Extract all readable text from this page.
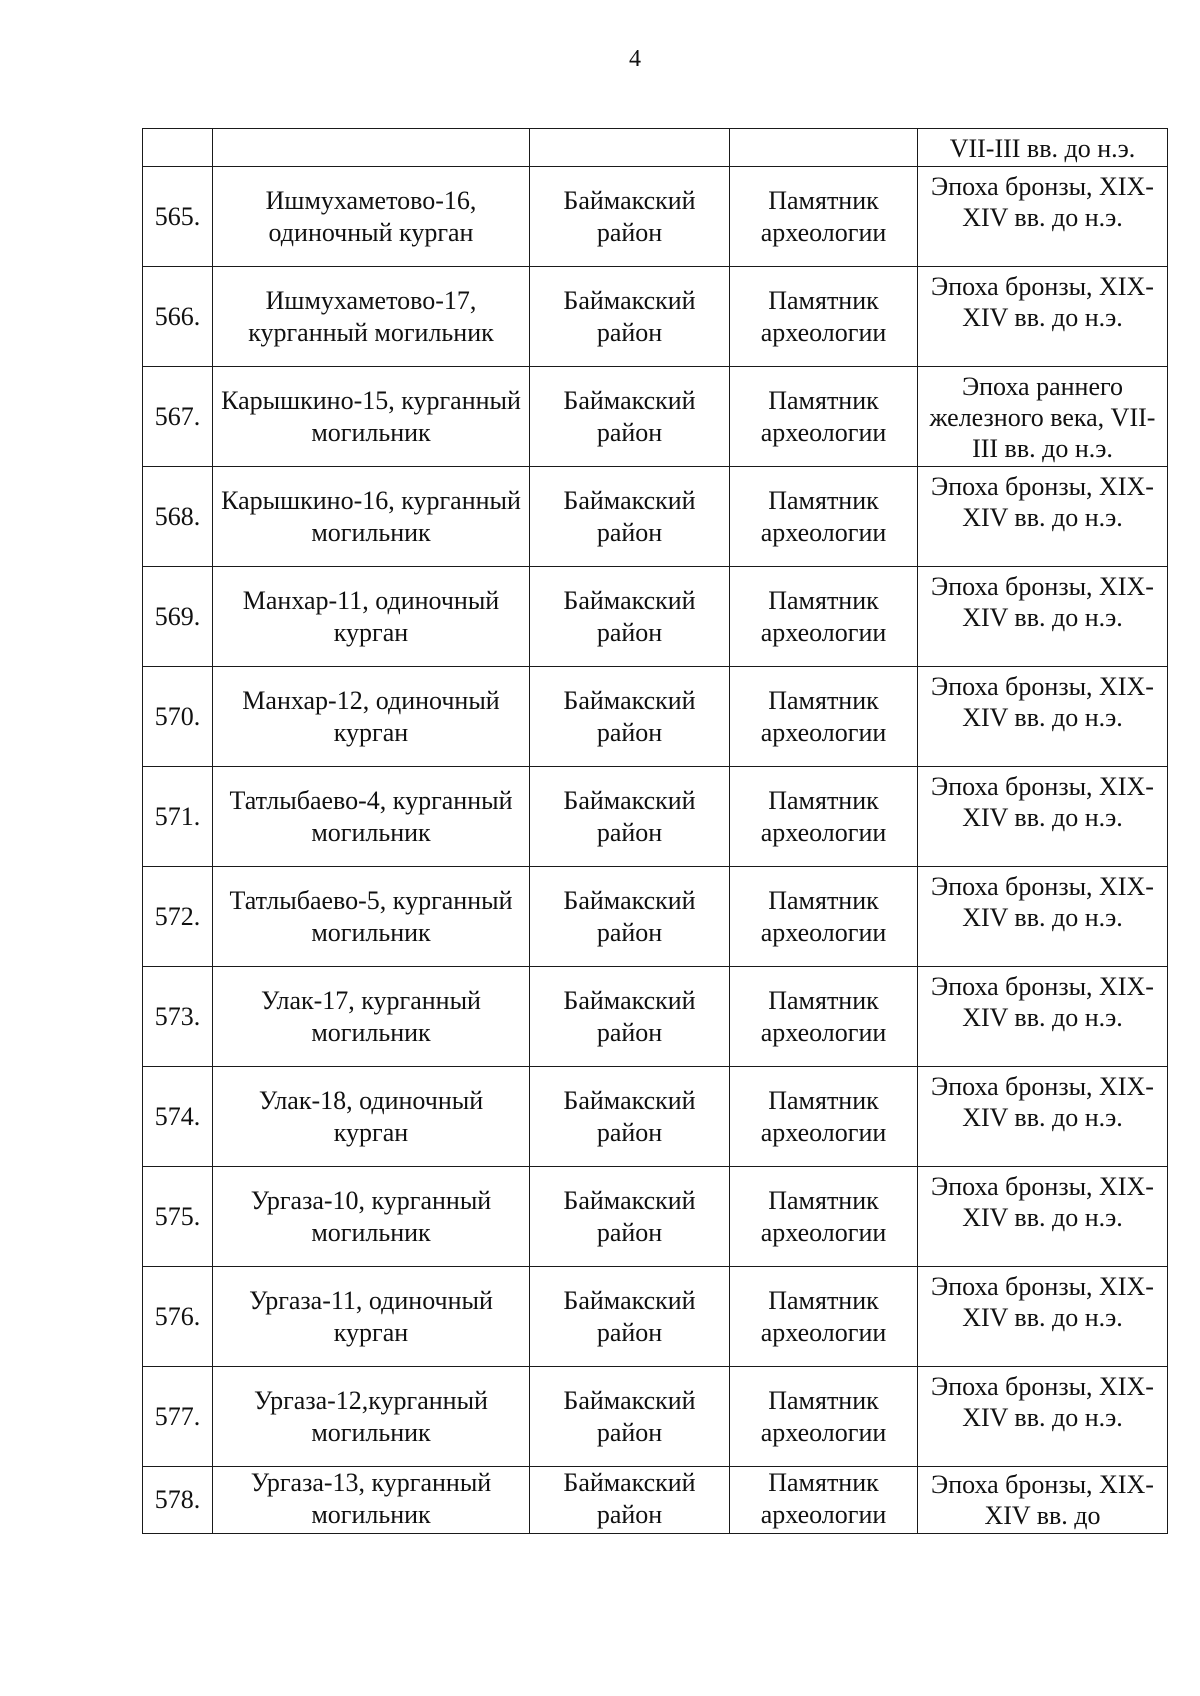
4
				VII-III вв. до н.э.
565.	Ишмухаметово-16, одиночный курган	Баймакский район	Памятник археологии	Эпоха бронзы, XIX-XIV вв. до н.э.
566.	Ишмухаметово-17, курганный могильник	Баймакский район	Памятник археологии	Эпоха бронзы, XIX-XIV вв. до н.э.
567.	Карышкино-15, курганный могильник	Баймакский район	Памятник археологии	Эпоха раннего железного века, VII-III вв. до н.э.
568.	Карышкино-16, курганный могильник	Баймакский район	Памятник археологии	Эпоха бронзы, XIX-XIV вв. до н.э.
569.	Манхар-11, одиночный курган	Баймакский район	Памятник археологии	Эпоха бронзы, XIX-XIV вв. до н.э.
570.	Манхар-12, одиночный курган	Баймакский район	Памятник археологии	Эпоха бронзы, XIX-XIV вв. до н.э.
571.	Татлыбаево-4, курганный могильник	Баймакский район	Памятник археологии	Эпоха бронзы, XIX-XIV вв. до н.э.
572.	Татлыбаево-5, курганный могильник	Баймакский район	Памятник археологии	Эпоха бронзы, XIX-XIV вв. до н.э.
573.	Улак-17, курганный могильник	Баймакский район	Памятник археологии	Эпоха бронзы, XIX-XIV вв. до н.э.
574.	Улак-18, одиночный курган	Баймакский район	Памятник археологии	Эпоха бронзы, XIX-XIV вв. до н.э.
575.	Ургаза-10, курганный могильник	Баймакский район	Памятник археологии	Эпоха бронзы, XIX-XIV вв. до н.э.
576.	Ургаза-11, одиночный курган	Баймакский район	Памятник археологии	Эпоха бронзы, XIX-XIV вв. до н.э.
577.	Ургаза-12,курганный могильник	Баймакский район	Памятник археологии	Эпоха бронзы, XIX-XIV вв. до н.э.
578.	Ургаза-13, курганный могильник	Баймакский район	Памятник археологии	Эпоха бронзы, XIX-XIV вв. до
